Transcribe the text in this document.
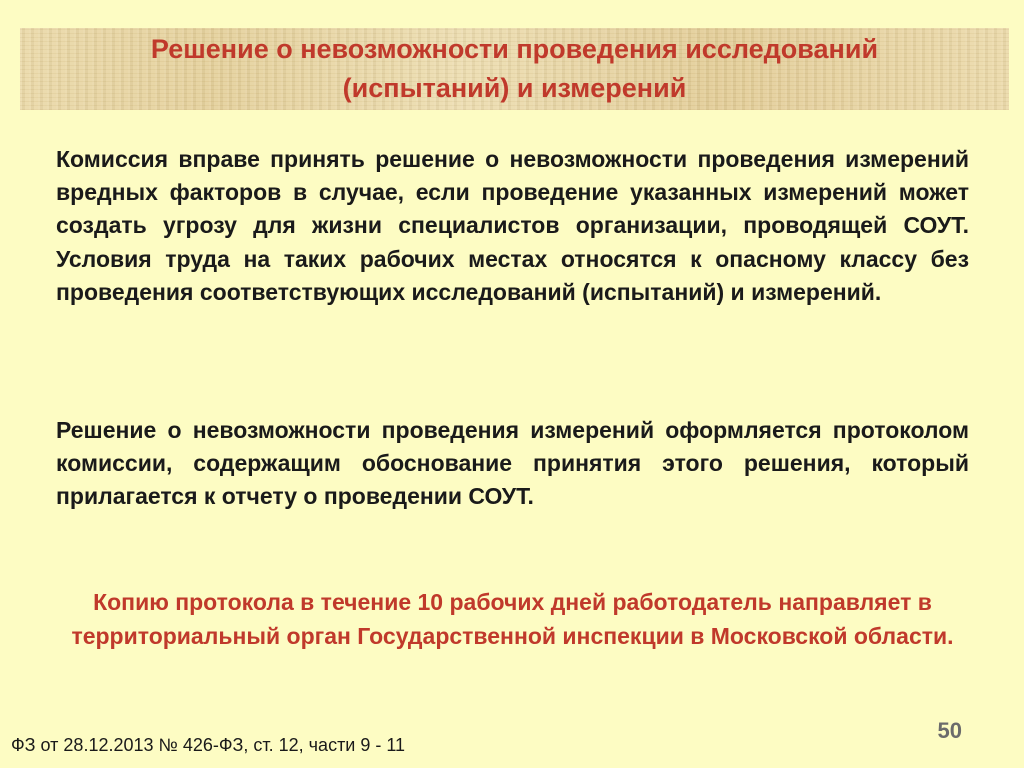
Решение о невозможности проведения исследований
(испытаний) и измерений

Комиссия вправе принять решение о невозможности проведения измерений вредных факторов в случае, если проведение указанных измерений может создать угрозу для жизни специалистов организации, проводящей СОУТ. Условия труда на таких рабочих местах относятся к опасному классу без проведения соответствующих исследований (испытаний) и измерений.

Решение о невозможности проведения измерений оформляется протоколом комиссии, содержащим обоснование принятия этого решения, который прилагается к отчету о проведении СОУТ.

Копию протокола в течение 10 рабочих дней работодатель направляет в территориальный орган Государственной инспекции в Московской области.

50
ФЗ от 28.12.2013 № 426-ФЗ, ст. 12, части 9 - 11
